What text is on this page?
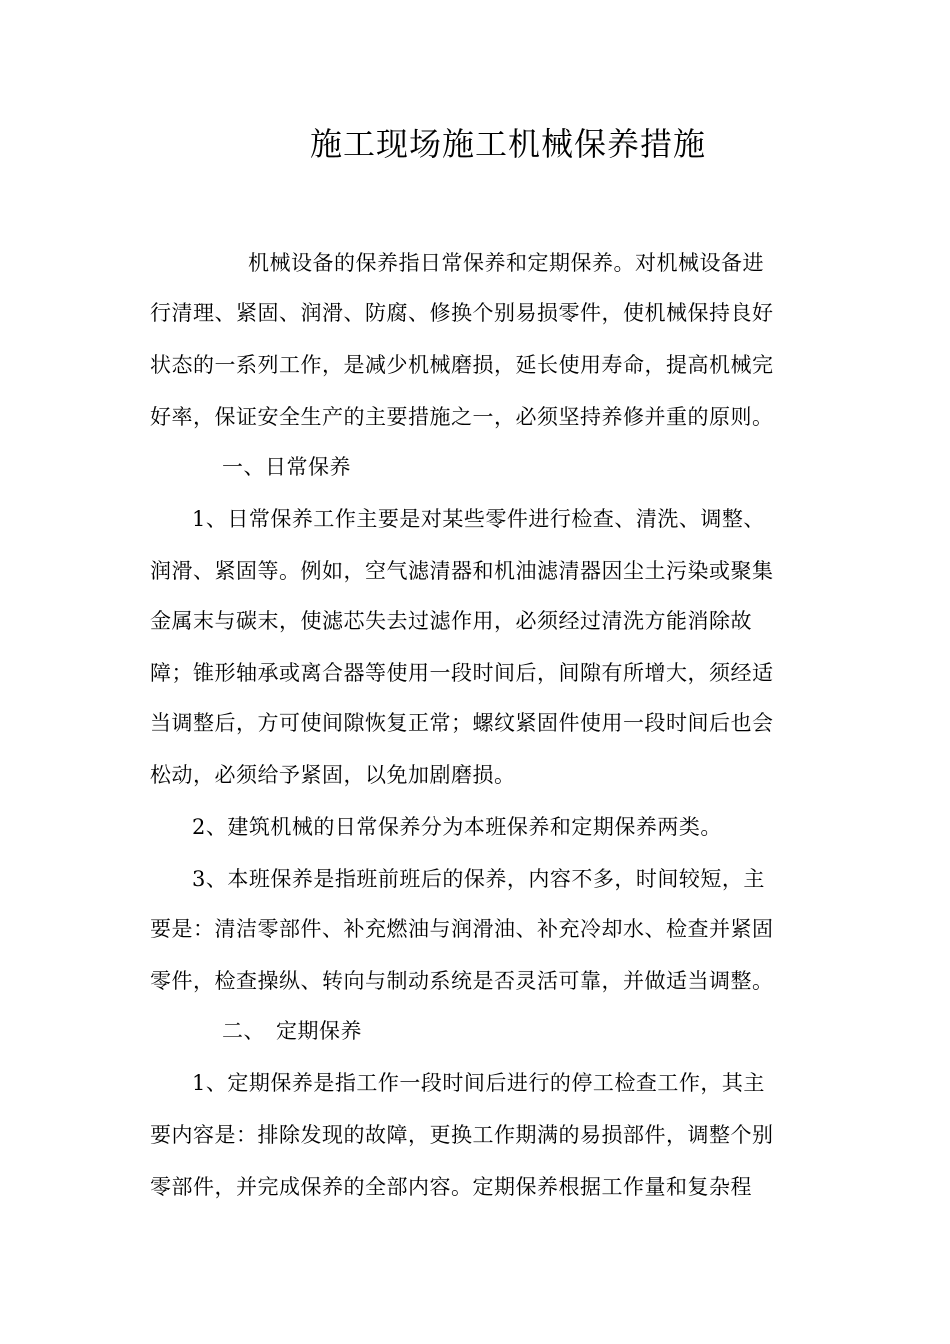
施工现场施工机械保养措施

机械设备的保养指日常保养和定期保养。对机械设备进

行清理、紧固、润滑、防腐、修换个别易损零件，使机械保持良好

状态的一系列工作，是减少机械磨损，延长使用寿命，提高机械完

好率，保证安全生产的主要措施之一，必须坚持养修并重的原则。

一、日常保养

1、日常保养工作主要是对某些零件进行检查、清洗、调整、

润滑、紧固等。例如，空气滤清器和机油滤清器因尘土污染或聚集

金属末与碳末，使滤芯失去过滤作用，必须经过清洗方能消除故

障；锥形轴承或离合器等使用一段时间后，间隙有所增大，须经适

当调整后，方可使间隙恢复正常；螺纹紧固件使用一段时间后也会

松动，必须给予紧固，以免加剧磨损。

2、建筑机械的日常保养分为本班保养和定期保养两类。

3、本班保养是指班前班后的保养，内容不多，时间较短，主

要是：清洁零部件、补充燃油与润滑油、补充冷却水、检查并紧固

零件，检查操纵、转向与制动系统是否灵活可靠，并做适当调整。

二、　定期保养

1、定期保养是指工作一段时间后进行的停工检查工作，其主

要内容是：排除发现的故障，更换工作期满的易损部件，调整个别

零部件，并完成保养的全部内容。定期保养根据工作量和复杂程
